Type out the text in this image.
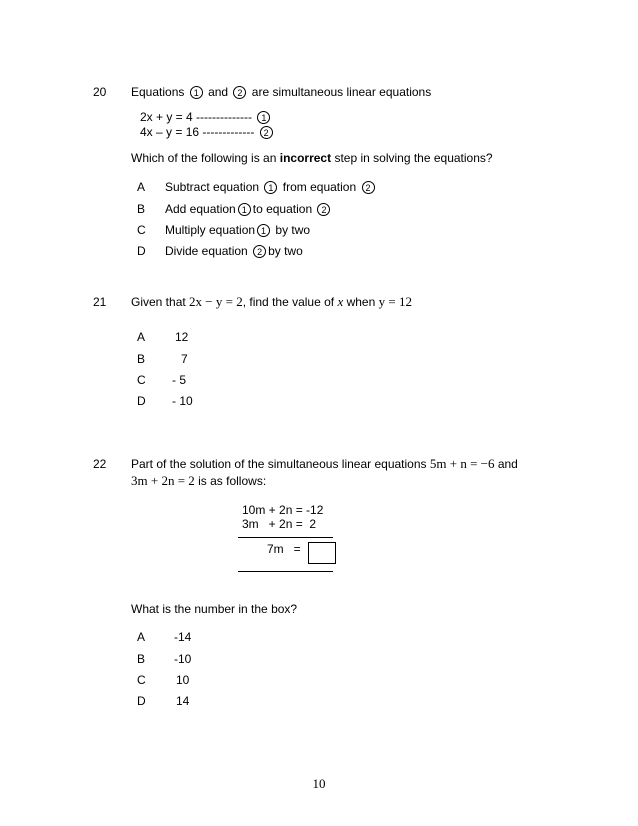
20 Equations 1 and 2 are simultaneous linear equations
2x + y = 4 -------------- 1
4x – y = 16 ------------- 2
Which of the following is an incorrect step in solving the equations?
A Subtract equation 1 from equation 2
B Add equation 1 to equation 2
C Multiply equation 1 by two
D Divide equation 2 by two
21 Given that 2x − y = 2, find the value of x when y = 12
A 12
B	7
C - 5
D - 10
22 Part of the solution of the simultaneous linear equations 5m + n = −6 and
3m + 2n = 2 is as follows:
10m + 2n = -12
3m   + 2n =  2
7m   =
What is the number in the box?
A -14
B -10
C	10
D	14
10
